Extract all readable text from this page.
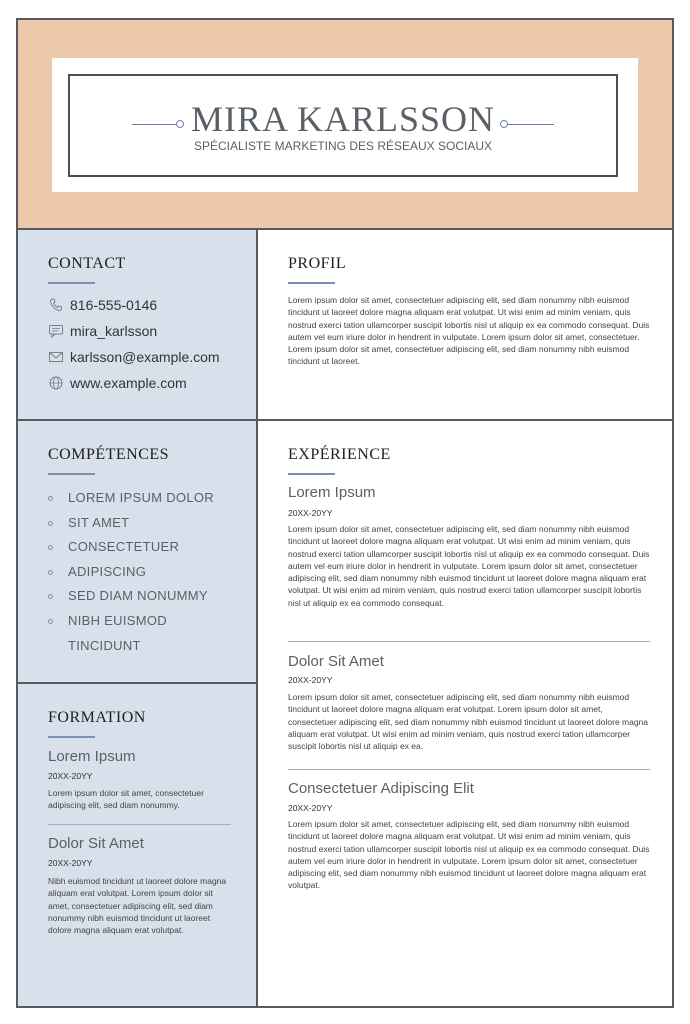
MIRA KARLSSON
SPÉCIALISTE MARKETING DES RÉSEAUX SOCIAUX
CONTACT
816-555-0146
mira_karlsson
karlsson@example.com
www.example.com
COMPÉTENCES
LOREM IPSUM DOLOR
SIT AMET
CONSECTETUER
ADIPISCING
SED DIAM NONUMMY
NIBH EUISMOD TINCIDUNT
FORMATION
Lorem Ipsum
20XX-20YY
Lorem ipsum dolor sit amet, consectetuer adipiscing elit, sed diam nonummy.
Dolor Sit Amet
20XX-20YY
Nibh euismod tincidunt ut laoreet dolore magna aliquam erat volutpat. Lorem ipsum dolor sit amet, consectetuer adipiscing elit, sed diam nonummy nibh euismod tincidunt ut laoreet dolore magna aliquam erat volutpat.
PROFIL
Lorem ipsum dolor sit amet, consectetuer adipiscing elit, sed diam nonummy nibh euismod tincidunt ut laoreet dolore magna aliquam erat volutpat. Ut wisi enim ad minim veniam, quis nostrud exerci tation ullamcorper suscipit lobortis nisl ut aliquip ex ea commodo consequat. Duis autem vel eum iriure dolor in hendrerit in vulputate. Lorem ipsum dolor sit amet, consectetuer. Lorem ipsum dolor sit amet, consectetuer adipiscing elit, sed diam nonummy nibh euismod tincidunt ut laoreet.
EXPÉRIENCE
Lorem Ipsum
20XX-20YY
Lorem ipsum dolor sit amet, consectetuer adipiscing elit, sed diam nonummy nibh euismod tincidunt ut laoreet dolore magna aliquam erat volutpat. Ut wisi enim ad minim veniam, quis nostrud exerci tation ullamcorper suscipit lobortis nisl ut aliquip ex ea commodo consequat. Duis autem vel eum iriure dolor in hendrerit in vulputate. Lorem ipsum dolor sit amet, consectetuer adipiscing elit, sed diam nonummy nibh euismod tincidunt ut laoreet dolore magna aliquam erat volutpat. Ut wisi enim ad minim veniam, quis nostrud exerci tation ullamcorper suscipit lobortis nisl ut aliquip ex ea commodo consequat.
Dolor Sit Amet
20XX-20YY
Lorem ipsum dolor sit amet, consectetuer adipiscing elit, sed diam nonummy nibh euismod tincidunt ut laoreet dolore magna aliquam erat volutpat. Lorem ipsum dolor sit amet, consectetuer adipiscing elit, sed diam nonummy nibh euismod tincidunt ut laoreet dolore magna aliquam erat volutpat. Ut wisi enim ad minim veniam, quis nostrud exerci tation ullamcorper suscipit lobortis nisl ut aliquip ex ea.
Consectetuer Adipiscing Elit
20XX-20YY
Lorem ipsum dolor sit amet, consectetuer adipiscing elit, sed diam nonummy nibh euismod tincidunt ut laoreet dolore magna aliquam erat volutpat. Ut wisi enim ad minim veniam, quis nostrud exerci tation ullamcorper suscipit lobortis nisl ut aliquip ex ea commodo consequat. Duis autem vel eum iriure dolor in hendrerit in vulputate. Lorem ipsum dolor sit amet, consectetuer adipiscing elit, sed diam nonummy nibh euismod tincidunt ut laoreet dolore magna aliquam erat volutpat.
